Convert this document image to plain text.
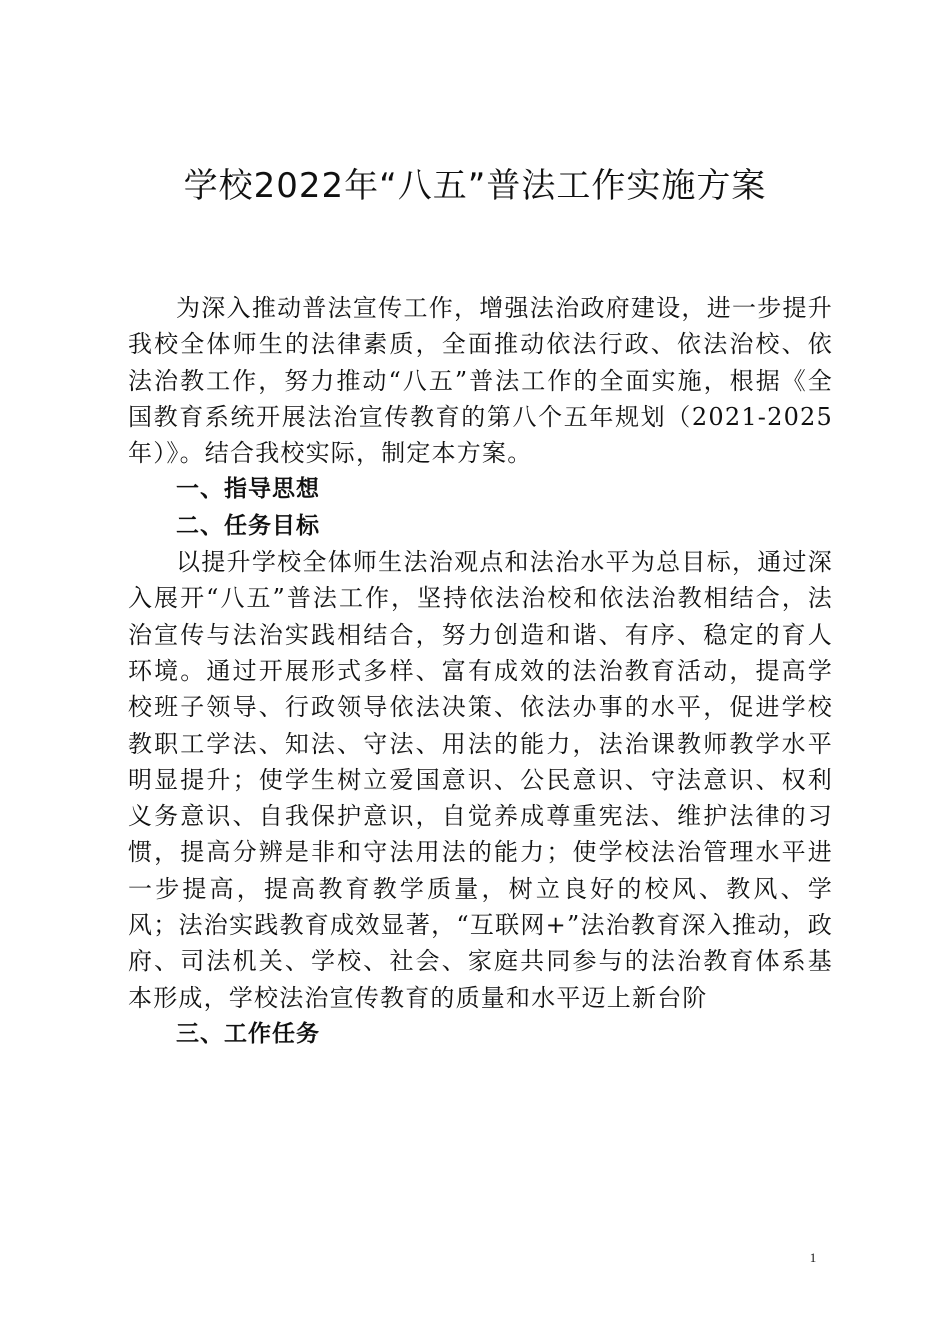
学校2022年“八五”普法工作实施方案

为深入推动普法宣传工作，增强法治政府建设，进一步提升我校全体师生的法律素质，全面推动依法行政、依法治校、依法治教工作，努力推动“八五”普法工作的全面实施，根据《全国教育系统开展法治宣传教育的第八个五年规划（2021-2025年）》。结合我校实际，制定本方案。

一、指导思想

二、任务目标

以提升学校全体师生法治观点和法治水平为总目标，通过深入展开“八五”普法工作，坚持依法治校和依法治教相结合，法治宣传与法治实践相结合，努力创造和谐、有序、稳定的育人环境。通过开展形式多样、富有成效的法治教育活动，提高学校班子领导、行政领导依法决策、依法办事的水平，促进学校教职工学法、知法、守法、用法的能力，法治课教师教学水平明显提升；使学生树立爱国意识、公民意识、守法意识、权利义务意识、自我保护意识，自觉养成尊重宪法、维护法律的习惯，提高分辨是非和守法用法的能力；使学校法治管理水平进一步提高，提高教育教学质量，树立良好的校风、教风、学风；法治实践教育成效显著，“互联网+”法治教育深入推动，政府、司法机关、学校、社会、家庭共同参与的法治教育体系基本形成，学校法治宣传教育的质量和水平迈上新台阶

三、工作任务

1
